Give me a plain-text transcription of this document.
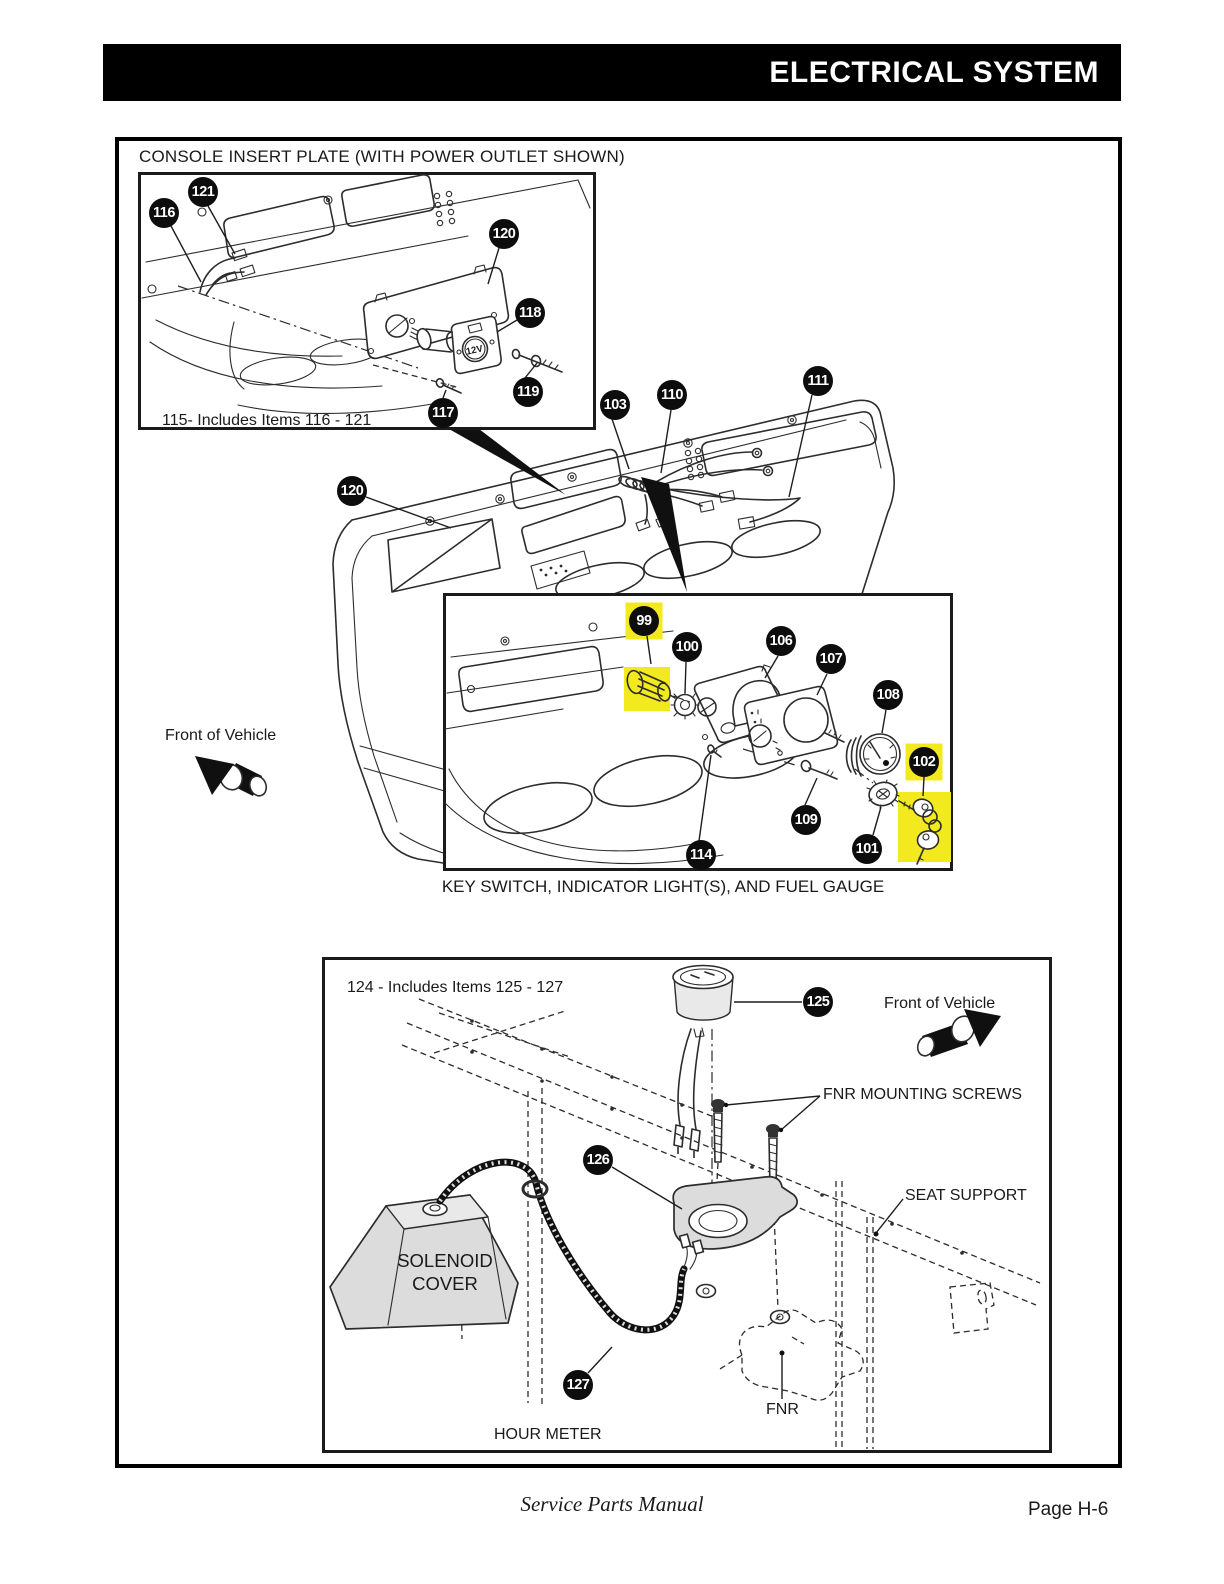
ELECTRICAL SYSTEM
103
110
111
120
Front of Vehicle
CONSOLE INSERT PLATE (WITH POWER OUTLET SHOWN)
12V
115- Includes Items 116 - 121
116
117
118
119
120
121
99
100
101
102
106
107
108
109
114
KEY SWITCH, INDICATOR LIGHT(S), AND FUEL GAUGE
124 - Includes Items 125 - 127
Front of Vehicle
FNR MOUNTING SCREWS
SEAT SUPPORT
SOLENOID
COVER
FNR
HOUR METER
125
126
127
Service Parts Manual	Page H-6
